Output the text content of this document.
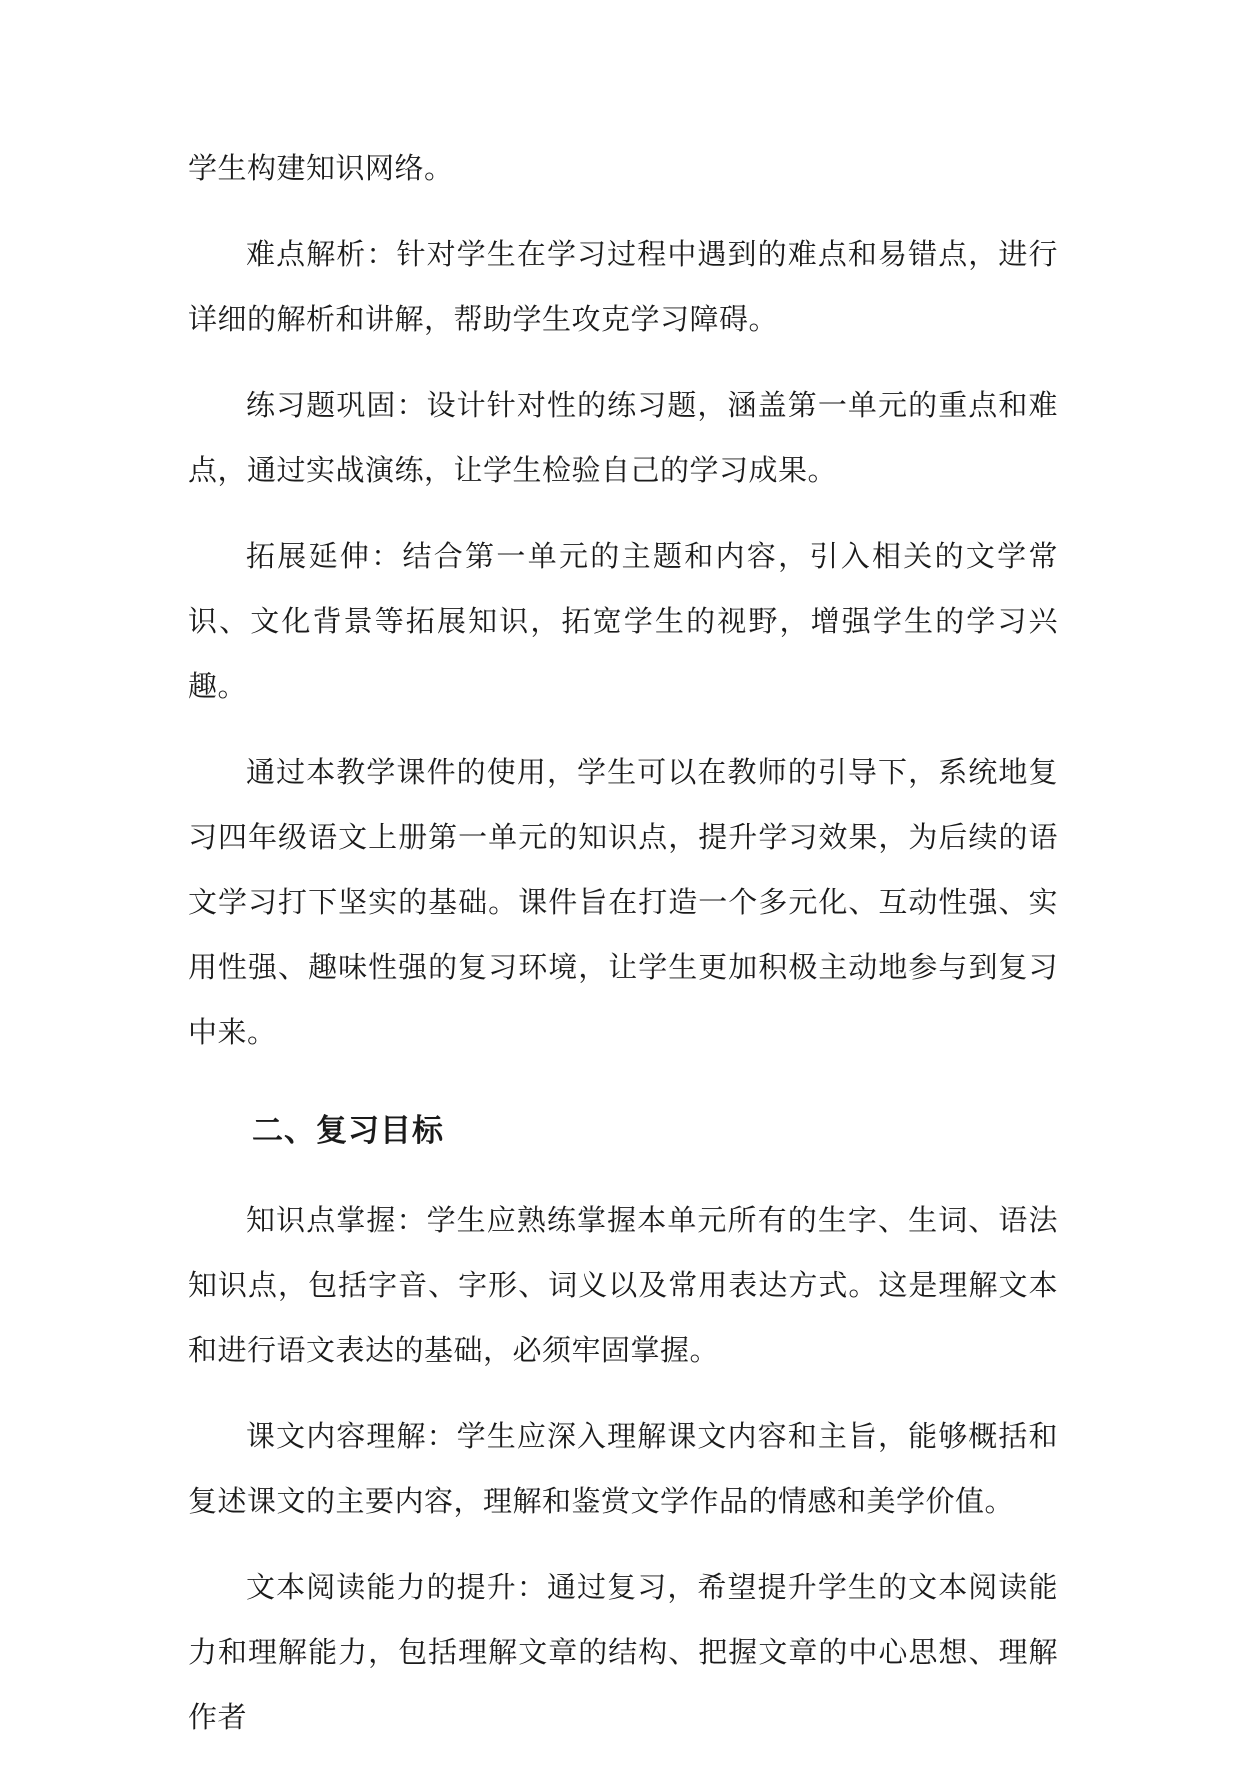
学生构建知识网络。

难点解析：针对学生在学习过程中遇到的难点和易错点，进行详细的解析和讲解，帮助学生攻克学习障碍。

练习题巩固：设计针对性的练习题，涵盖第一单元的重点和难点，通过实战演练，让学生检验自己的学习成果。

拓展延伸：结合第一单元的主题和内容，引入相关的文学常识、文化背景等拓展知识，拓宽学生的视野，增强学生的学习兴趣。

通过本教学课件的使用，学生可以在教师的引导下，系统地复习四年级语文上册第一单元的知识点，提升学习效果，为后续的语文学习打下坚实的基础。课件旨在打造一个多元化、互动性强、实用性强、趣味性强的复习环境，让学生更加积极主动地参与到复习中来。

二、复习目标

知识点掌握：学生应熟练掌握本单元所有的生字、生词、语法知识点，包括字音、字形、词义以及常用表达方式。这是理解文本和进行语文表达的基础，必须牢固掌握。

课文内容理解：学生应深入理解课文内容和主旨，能够概括和复述课文的主要内容，理解和鉴赏文学作品的情感和美学价值。

文本阅读能力的提升：通过复习，希望提升学生的文本阅读能力和理解能力，包括理解文章的结构、把握文章的中心思想、理解作者
